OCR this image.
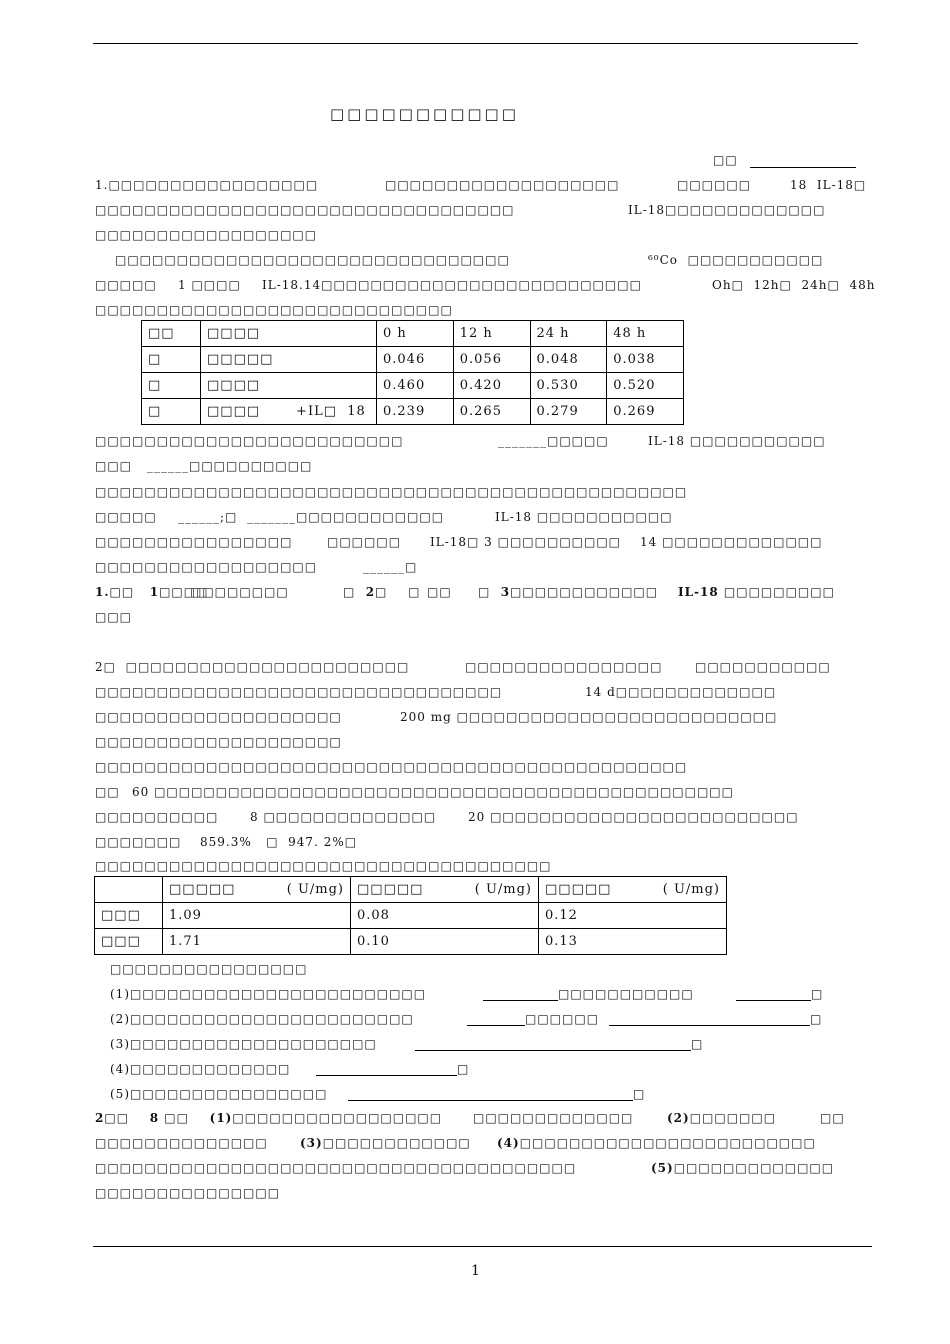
□□□□□□□□□□□
□□
1.□□□□□□□□□□□□□□□□□	□□□□□□□□□□□□□□□□□□□	□□□□□□	18  IL-18□
□□□□□□□□□□□□□□□□□□□□□□□□□□□□□□□□□□	IL-18□□□□□□□□□□□□□
□□□□□□□□□□□□□□□□□□
□□□□□□□□□□□□□□□□□□□□□□□□□□□□□□□□	⁶⁰Co  □□□□□□□□□□□
□□□□□ 1 □□□□ IL-18.14□□□□□□□□□□□□□□□□□□□□□□□□□□	Oh□  12h□  24h□  48h
□□□□□□□□□□□□□□□□□□□□□□□□□□□□□
□□	□□□□	0 h	12 h	24 h	48 h
□	□□□□□	0.046	0.056	0.048	0.038
□	□□□□	0.460	0.420	0.530	0.520
□	□□□□       +IL□  18	0.239	0.265	0.279	0.269
□□□□□□□□□□□□□□□□□□□□□□□□□	_______□□□□□	IL-18 □□□□□□□□□□□
□□□ ______□□□□□□□□□□
□□□□□□□□□□□□□□□□□□□□□□□□□□□□□□□□□□□□□□□□□□□□□□□□
□□□□□ ______;□  _______□□□□□□□□□□□□	IL-18 □□□□□□□□□□□
□□□□□□□□□□□□□□□□	□□□□□□ IL-18□ 3 □□□□□□□□□□ 14 □□□□□□□□□□□□□
□□□□□□□□□□□□□□□□□□	______□
1.□□   1□□□□
□□□□□□□□	□  2□    □ □□ □  3□□□□□□□□□□□□ IL-18 □□□□□□□□□
□□□
2□  □□□□□□□□□□□□□□□□□□□□□□□	□□□□□□□□□□□□□□□□	□□□□□□□□□□□
□□□□□□□□□□□□□□□□□□□□□□□□□□□□□□□□□	14 d□□□□□□□□□□□□□
□□□□□□□□□□□□□□□□□□□□	200 mg □□□□□□□□□□□□□□□□□□□□□□□□□□
□□□□□□□□□□□□□□□□□□□□
□□□□□□□□□□□□□□□□□□□□□□□□□□□□□□□□□□□□□□□□□□□□□□□□
□□ 60 □□□□□□□□□□□□□□□□□□□□□□□□□□□□□□□□□□□□□□□□□□□□□□□
□□□□□□□□□□	8 □□□□□□□□□□□□□□	20 □□□□□□□□□□□□□□□□□□□□□□□□□
□□□□□□□ 859.3%   □  947. 2%□
□□□□□□□□□□□□□□□□□□□□□□□□□□□□□□□□□□□□□
	□□□□□          ( U/mg)	□□□□□          ( U/mg)	□□□□□          ( U/mg)
□□□	1.09	0.08	0.12
□□□	1.71	0.10	0.13
□□□□□□□□□□□□□□□□
(1)□□□□□□□□□□□□□□□□□□□□□□□□	□□□□□□□□□□□	□
(2)□□□□□□□□□□□□□□□□□□□□□□□	□□□□□□	□
(3)□□□□□□□□□□□□□□□□□□□□	□
(4)□□□□□□□□□□□□□	□
(5)□□□□□□□□□□□□□□□□	□
2□□    8 □□    (1)□□□□□□□□□□□□□□□□□	□□□□□□□□□□□□□	(2)□□□□□□□	□□
□□□□□□□□□□□□□□	(3)□□□□□□□□□□□□ (4)□□□□□□□□□□□□□□□□□□□□□□□□
□□□□□□□□□□□□□□□□□□□□□□□□□□□□□□□□□□□□□□□	(5)□□□□□□□□□□□□□
□□□□□□□□□□□□□□□
1
